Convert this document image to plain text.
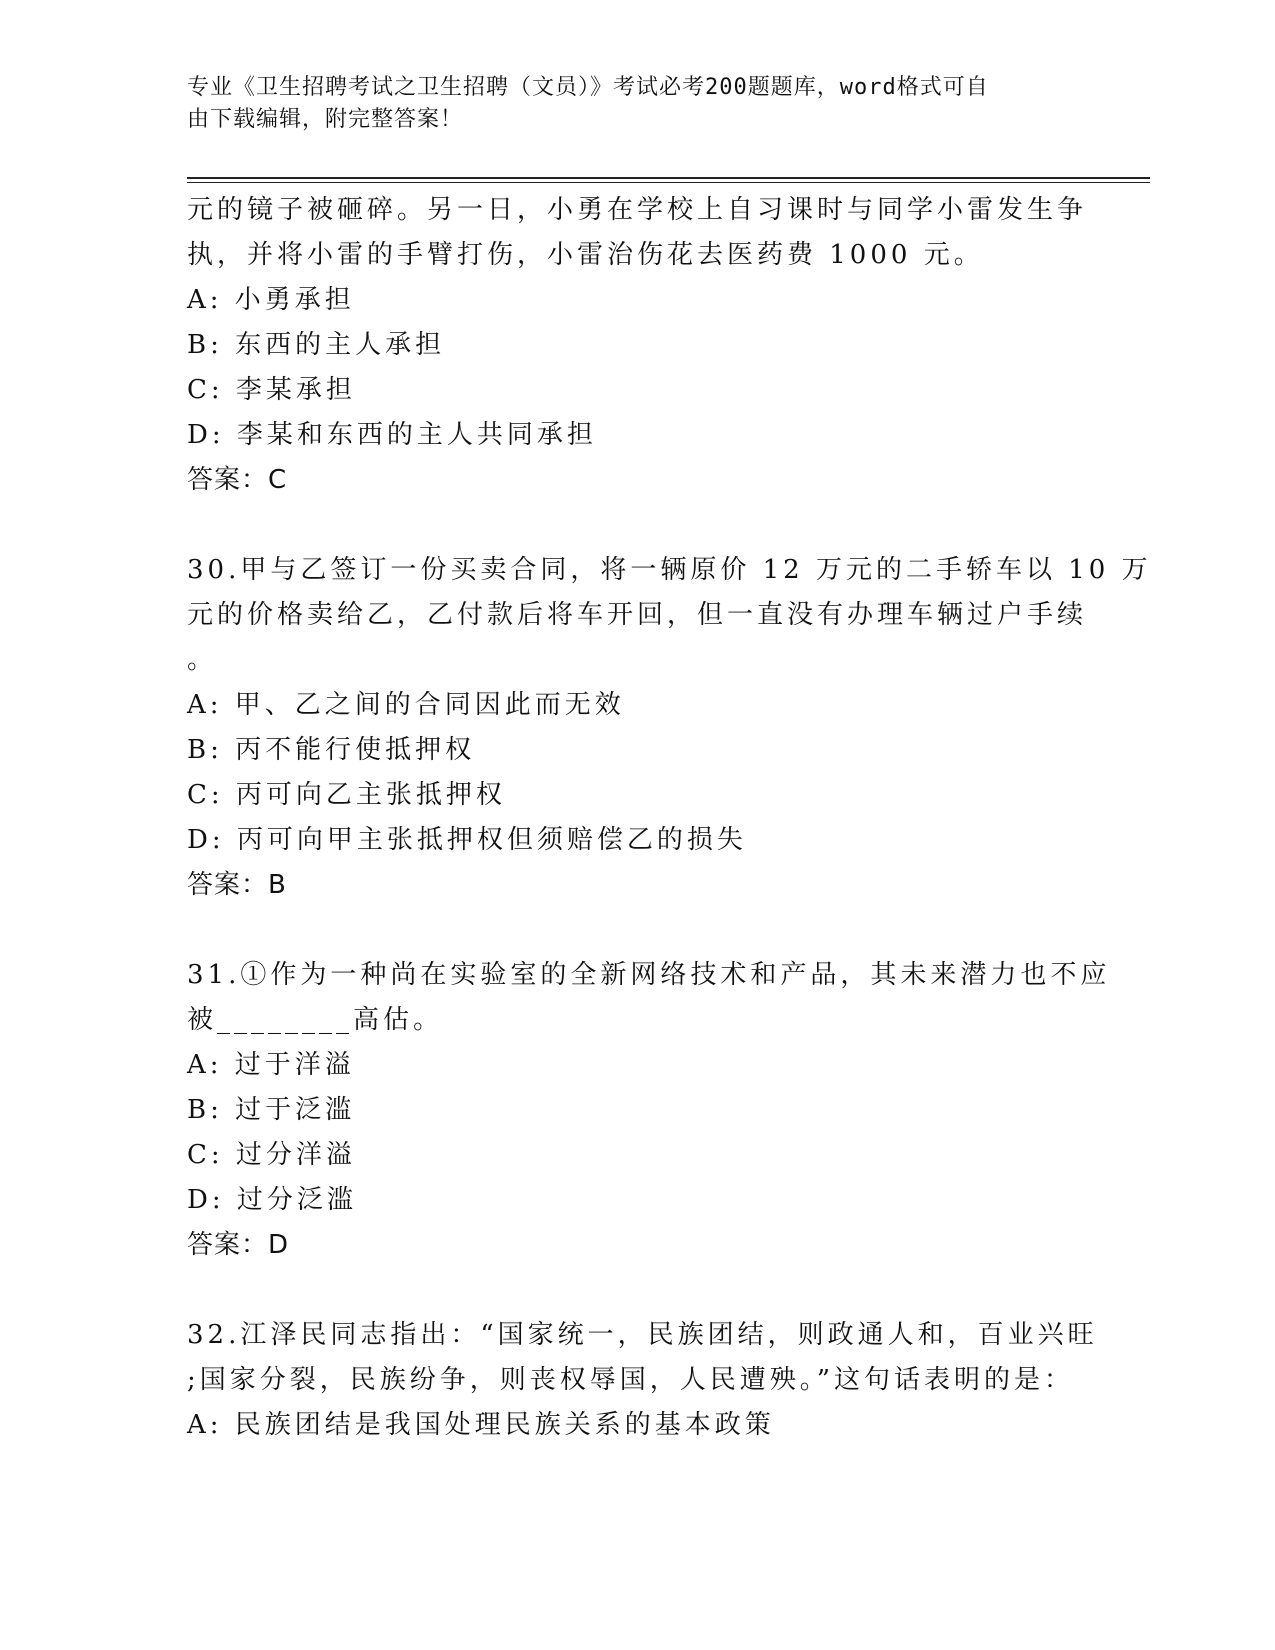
专业《卫生招聘考试之卫生招聘（文员）》考试必考200题题库，word格式可自
由下载编辑，附完整答案！
元的镜子被砸碎。另一日，小勇在学校上自习课时与同学小雷发生争
执，并将小雷的手臂打伤，小雷治伤花去医药费 1000 元。
A: 小勇承担
B: 东西的主人承担
C: 李某承担
D: 李某和东西的主人共同承担
答案：C
30.甲与乙签订一份买卖合同，将一辆原价 12 万元的二手轿车以 10 万
元的价格卖给乙，乙付款后将车开回，但一直没有办理车辆过户手续
。
A: 甲、乙之间的合同因此而无效
B: 丙不能行使抵押权
C: 丙可向乙主张抵押权
D: 丙可向甲主张抵押权但须赔偿乙的损失
答案：B
31.①作为一种尚在实验室的全新网络技术和产品，其未来潜力也不应
被________高估。
A: 过于洋溢
B: 过于泛滥
C: 过分洋溢
D: 过分泛滥
答案：D
32.江泽民同志指出：“国家统一，民族团结，则政通人和，百业兴旺
;国家分裂，民族纷争，则丧权辱国，人民遭殃。”这句话表明的是：
A: 民族团结是我国处理民族关系的基本政策
